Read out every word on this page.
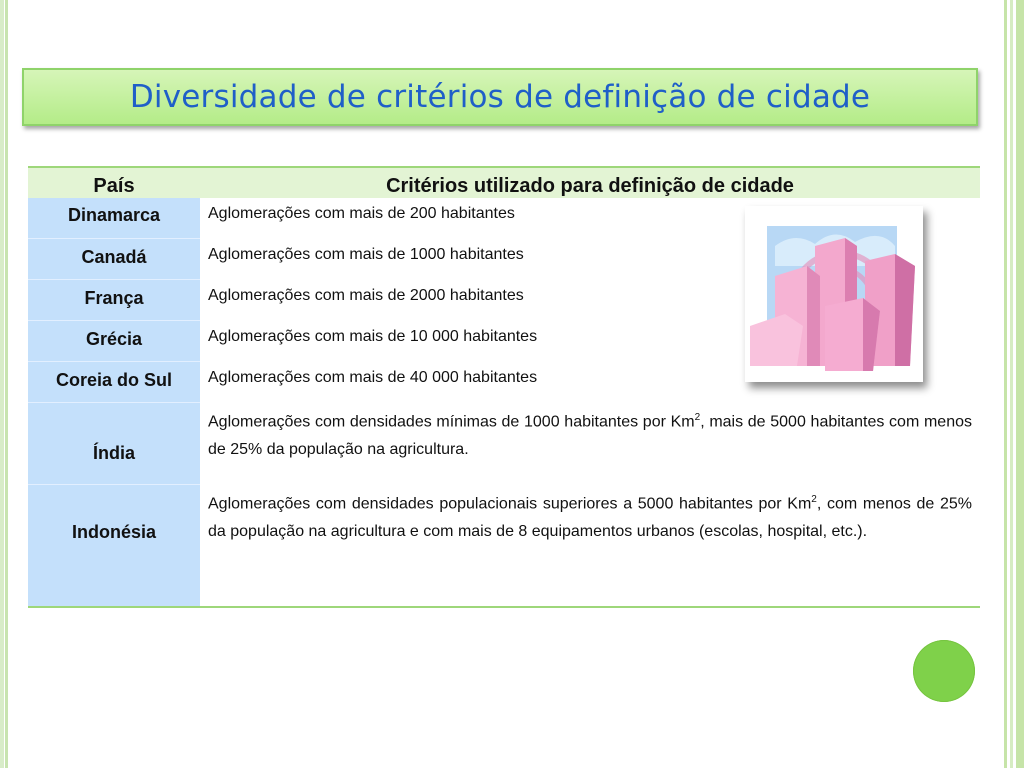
Diversidade de critérios de definição de cidade
País	Critérios utilizado para definição de cidade
Dinamarca
Canadá
França
Grécia
Coreia do Sul
Índia
Indonésia
Aglomerações com mais de 200 habitantes
Aglomerações com mais de 1000 habitantes
Aglomerações com mais de 2000 habitantes
Aglomerações com mais de 10 000 habitantes
Aglomerações com mais de 40 000 habitantes
Aglomerações com densidades mínimas de 1000 habitantes por Km$^2$, mais de 5000 habitantes com menos de 25% da população na agricultura.
Aglomerações com densidades populacionais superiores a 5000 habitantes por Km$^2$, com menos de 25% da população na agricultura e com mais de 8 equipamentos urbanos (escolas, hospital, etc.).
